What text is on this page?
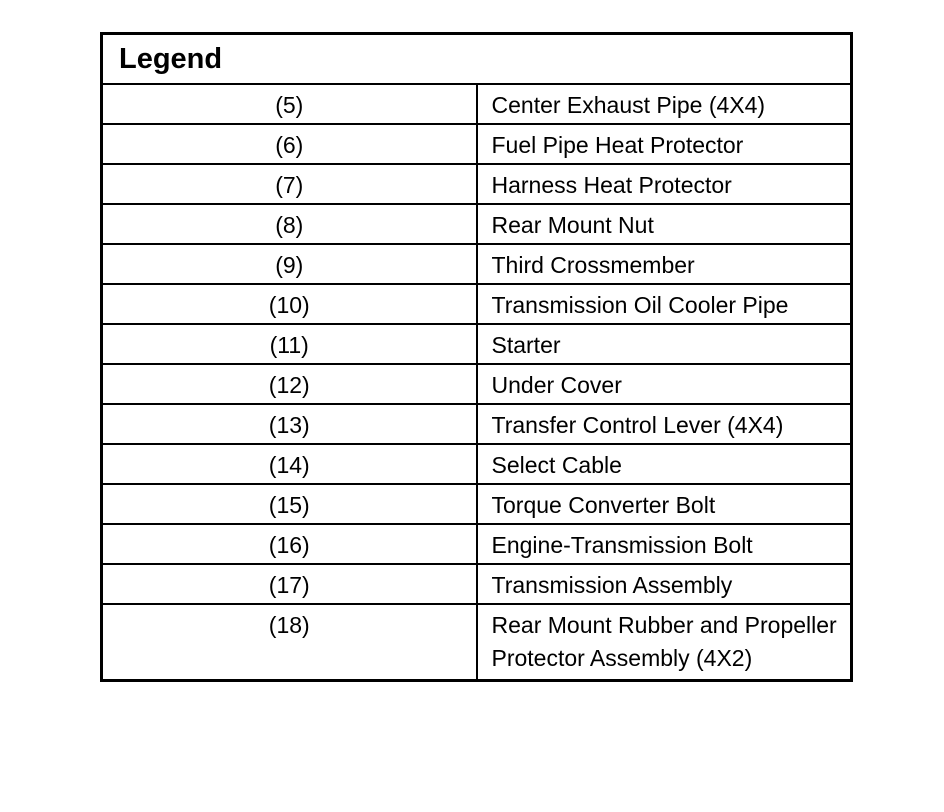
Legend	
(5)	Center Exhaust Pipe (4X4)
(6)	Fuel Pipe Heat Protector
(7)	Harness Heat Protector
(8)	Rear Mount Nut
(9)	Third Crossmember
(10)	Transmission Oil Cooler Pipe
(11)	Starter
(12)	Under Cover
(13)	Transfer Control Lever (4X4)
(14)	Select Cable
(15)	Torque Converter Bolt
(16)	Engine-Transmission Bolt
(17)	Transmission Assembly
(18)	Rear Mount Rubber and Propeller Protector Assembly (4X2)
